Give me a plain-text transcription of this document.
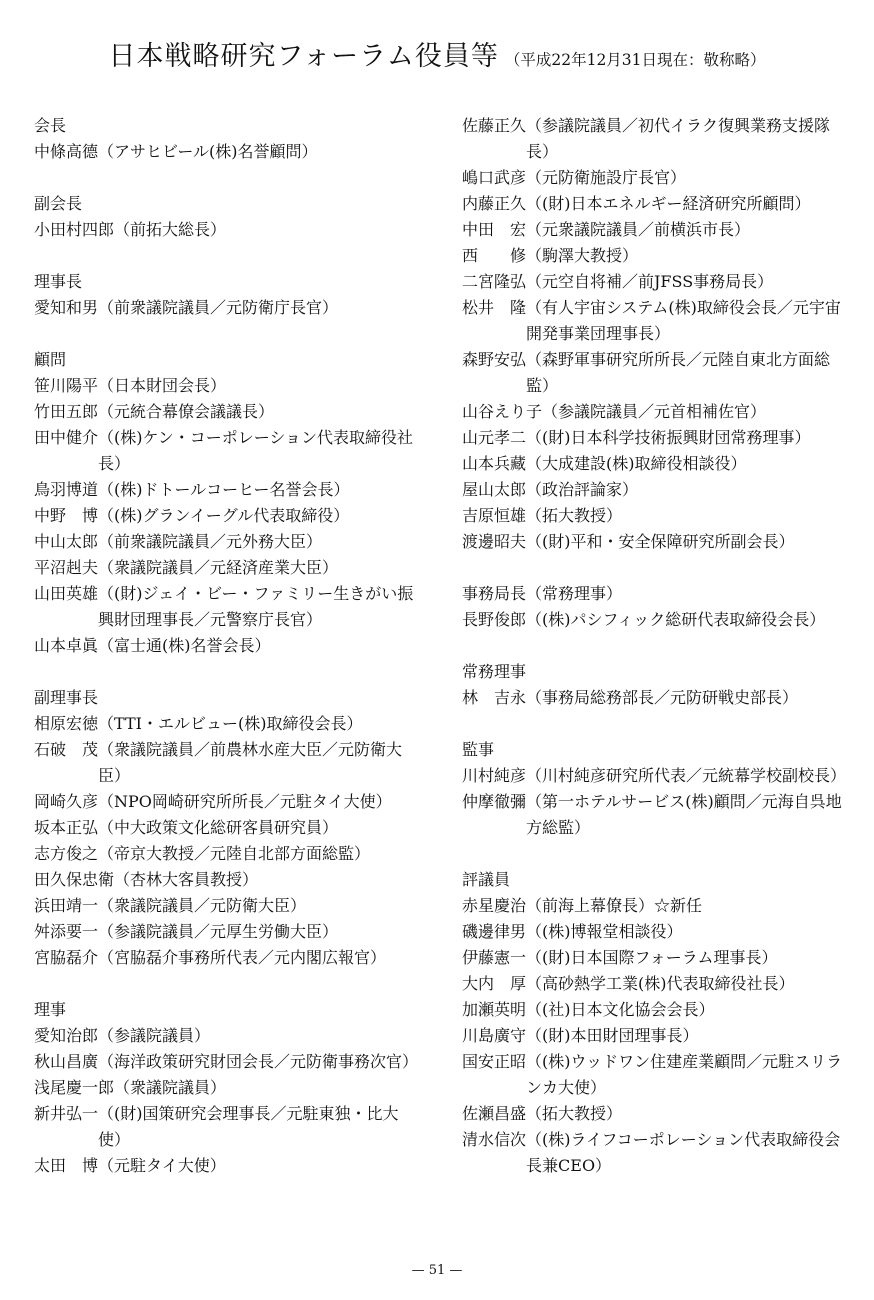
日本戦略研究フォーラム役員等 （平成22年12月31日現在：敬称略）
会長
中條高德 （アサヒビール(株)名誉顧問）
副会長
小田村四郎 （前拓大総長）
理事長
愛知和男 （前衆議院議員／元防衛庁長官）
顧問
笹川陽平 （日本財団会長）
竹田五郎 （元統合幕僚会議議長）
田中健介 （(株)ケン・コーポレーション代表取締役社長）
鳥羽博道 （(株)ドトールコーヒー名誉会長）
中野　博 （(株)グランイーグル代表取締役）
中山太郎 （前衆議院議員／元外務大臣）
平沼赳夫 （衆議院議員／元経済産業大臣）
山田英雄 （(財)ジェイ・ビー・ファミリー生きがい振興財団理事長／元警察庁長官）
山本卓眞 （富士通(株)名誉会長）
副理事長
相原宏徳 （TTI・エルビュー(株)取締役会長）
石破　茂 （衆議院議員／前農林水産大臣／元防衛大臣）
岡崎久彦 （NPO岡崎研究所所長／元駐タイ大使）
坂本正弘 （中大政策文化総研客員研究員）
志方俊之 （帝京大教授／元陸自北部方面総監）
田久保忠衛 （杏林大客員教授）
浜田靖一 （衆議院議員／元防衛大臣）
舛添要一 （参議院議員／元厚生労働大臣）
宮脇磊介 （宮脇磊介事務所代表／元内閣広報官）
理事
愛知治郎 （参議院議員）
秋山昌廣 （海洋政策研究財団会長／元防衛事務次官）
浅尾慶一郎 （衆議院議員）
新井弘一 （(財)国策研究会理事長／元駐東独・比大使）
太田　博 （元駐タイ大使）
佐藤正久 （参議院議員／初代イラク復興業務支援隊長）
嶋口武彦 （元防衛施設庁長官）
内藤正久 （(財)日本エネルギー経済研究所顧問）
中田　宏 （元衆議院議員／前横浜市長）
西　　修 （駒澤大教授）
二宮隆弘 （元空自将補／前JFSS事務局長）
松井　隆 （有人宇宙システム(株)取締役会長／元宇宙開発事業団理事長）
森野安弘 （森野軍事研究所所長／元陸自東北方面総監）
山谷えり子 （参議院議員／元首相補佐官）
山元孝二 （(財)日本科学技術振興財団常務理事）
山本兵藏 （大成建設(株)取締役相談役）
屋山太郎 （政治評論家）
吉原恒雄 （拓大教授）
渡邊昭夫 （(財)平和・安全保障研究所副会長）
事務局長（常務理事）
長野俊郎 （(株)パシフィック総研代表取締役会長）
常務理事
林　吉永 （事務局総務部長／元防研戦史部長）
監事
川村純彦 （川村純彦研究所代表／元統幕学校副校長）
仲摩徹彌 （第一ホテルサービス(株)顧問／元海自呉地方総監）
評議員
赤星慶治 （前海上幕僚長）☆新任
磯邊律男 （(株)博報堂相談役）
伊藤憲一 （(財)日本国際フォーラム理事長）
大内　厚 （高砂熱学工業(株)代表取締役社長）
加瀬英明 （(社)日本文化協会会長）
川島廣守 （(財)本田財団理事長）
国安正昭 （(株)ウッドワン住建産業顧問／元駐スリランカ大使）
佐瀬昌盛 （拓大教授）
清水信次 （(株)ライフコーポレーション代表取締役会長兼CEO）
— 51 —
